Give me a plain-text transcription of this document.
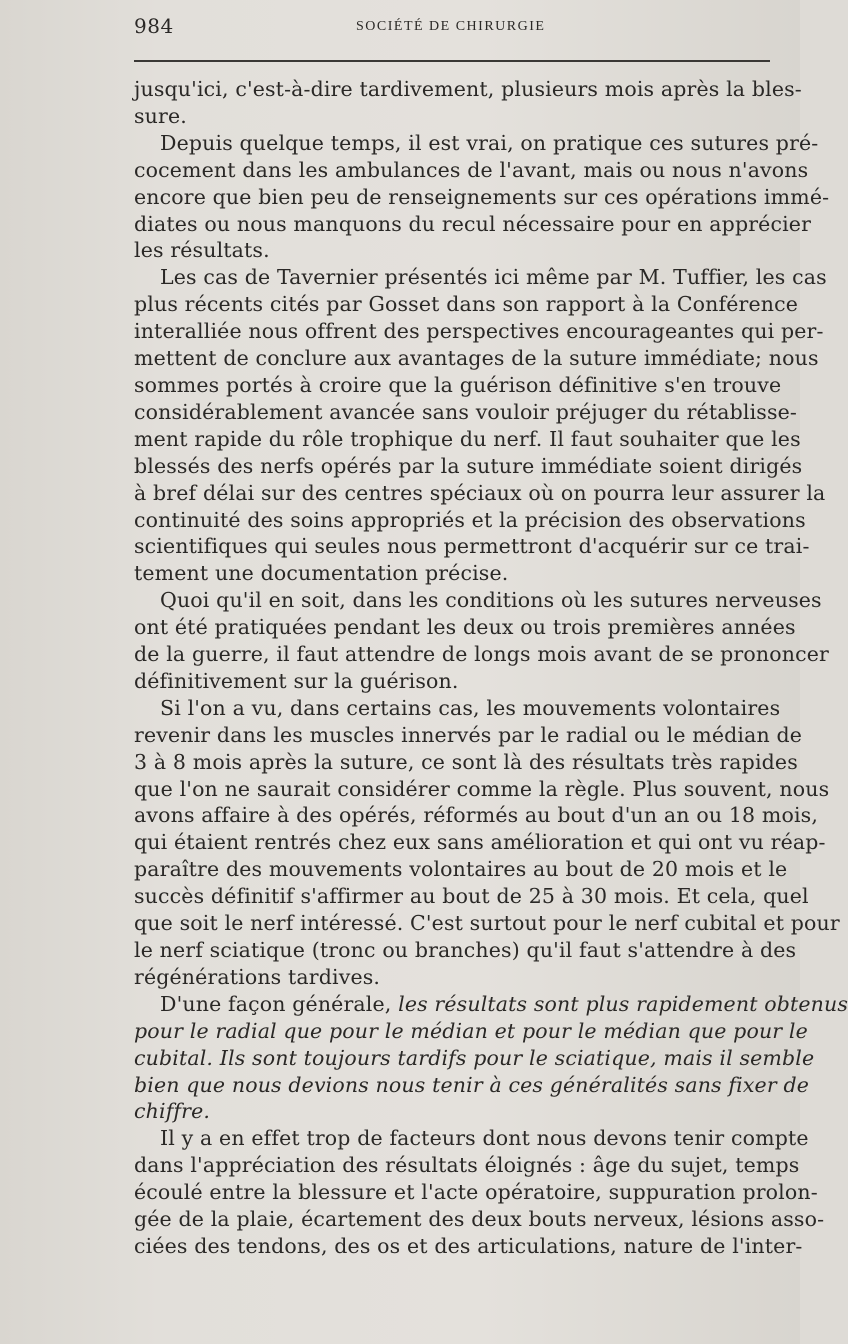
984	SOCIÉTÉ DE CHIRURGIE
jusqu'ici, c'est-à-dire tardivement, plusieurs mois après la bles-
sure.
Depuis quelque temps, il est vrai, on pratique ces sutures pré-
cocement dans les ambulances de l'avant, mais ou nous n'avons
encore que bien peu de renseignements sur ces opérations immé-
diates ou nous manquons du recul nécessaire pour en apprécier
les résultats.
Les cas de Tavernier présentés ici même par M. Tuffier, les cas
plus récents cités par Gosset dans son rapport à la Conférence
interalliée nous offrent des perspectives encourageantes qui per-
mettent de conclure aux avantages de la suture immédiate; nous
sommes portés à croire que la guérison définitive s'en trouve
considérablement avancée sans vouloir préjuger du rétablisse-
ment rapide du rôle trophique du nerf. Il faut souhaiter que les
blessés des nerfs opérés par la suture immédiate soient dirigés
à bref délai sur des centres spéciaux où on pourra leur assurer la
continuité des soins appropriés et la précision des observations
scientifiques qui seules nous permettront d'acquérir sur ce trai-
tement une documentation précise.
Quoi qu'il en soit, dans les conditions où les sutures nerveuses
ont été pratiquées pendant les deux ou trois premières années
de la guerre, il faut attendre de longs mois avant de se prononcer
définitivement sur la guérison.
Si l'on a vu, dans certains cas, les mouvements volontaires
revenir dans les muscles innervés par le radial ou le médian de
3 à 8 mois après la suture, ce sont là des résultats très rapides
que l'on ne saurait considérer comme la règle. Plus souvent, nous
avons affaire à des opérés, réformés au bout d'un an ou 18 mois,
qui étaient rentrés chez eux sans amélioration et qui ont vu réap-
paraître des mouvements volontaires au bout de 20 mois et le
succès définitif s'affirmer au bout de 25 à 30 mois. Et cela, quel
que soit le nerf intéressé. C'est surtout pour le nerf cubital et pour
le nerf sciatique (tronc ou branches) qu'il faut s'attendre à des
régénérations tardives.
D'une façon générale, les résultats sont plus rapidement obtenus
pour le radial que pour le médian et pour le médian que pour le
cubital. Ils sont toujours tardifs pour le sciatique, mais il semble
bien que nous devions nous tenir à ces généralités sans fixer de
chiffre.
Il y a en effet trop de facteurs dont nous devons tenir compte
dans l'appréciation des résultats éloignés : âge du sujet, temps
écoulé entre la blessure et l'acte opératoire, suppuration prolon-
gée de la plaie, écartement des deux bouts nerveux, lésions asso-
ciées des tendons, des os et des articulations, nature de l'inter-
